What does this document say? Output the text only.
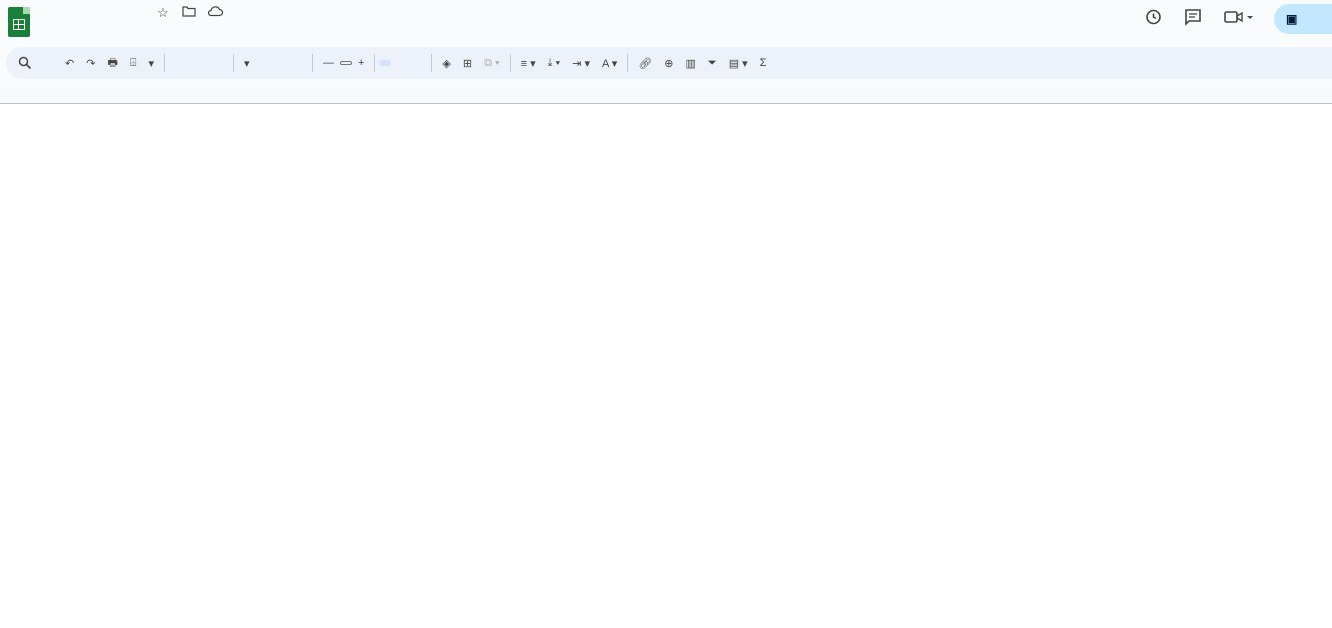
☆	▣
↶	↷	🖶	⌹	▾	▾	—	+	◈	⊞	⧉ ▾	≡ ▾	⤓ ▾	⇥ ▾	A ▾	🔗︎	⊕	▥	⏷	▤ ▾	Σ
